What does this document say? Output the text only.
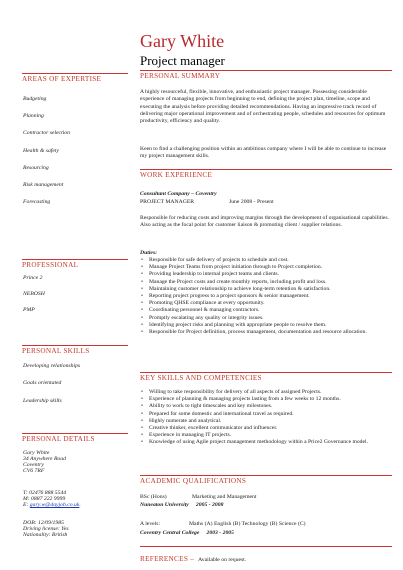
Gary White
Project manager
AREAS OF EXPERTISE
Budgeting
Planning
Contractor selection
Health & safety
Resourcing
Risk management
Forecasting
PROFESSIONAL
Prince 2
NEBOSH
PMP
PERSONAL SKILLS
Developing relationships
Goals orientated
Leadership skills
PERSONAL DETAILS
Gary White
34 Anywhere Road
Coventry
CV6 7RF
T: 02476 888 5544
M: 0887 222 9999
E: gary.w@dayjob.co.uk.
DOB: 12/09/1985
Driving license: Yes
Nationality: British
PERSONAL SUMMARY
A highly resourceful, flexible, innovative, and enthusiastic project manager. Possessing considerable experience of managing projects from beginning to end, defining the project plan, timeline, scope and executing the analysis before providing detailed recommendations. Having an impressive track record of delivering major operational improvement and of orchestrating people, schedules and resources for optimum productivity, efficiency and quality.
Keen to find a challenging position within an ambitious company where I will be able to continue to increase my project management skills.
WORK EXPERIENCE
Consultant Company – Coventry
PROJECT MANAGER	June 2008 - Present
Responsible for reducing costs and improving margins through the development of organisational capabilities. Also acting as the focal point for customer liaison & promoting client / supplier relations.
Duties:
• Responsible for safe delivery of projects to schedule and cost.
• Manage Project Teams from project initiation through to Project completion.
• Providing leadership to internal project teams and clients.
• Manage the Project costs and create monthly reports, including profit and loss.
• Maintaining customer relationship to achieve long-term retention & satisfaction.
• Reporting project progress to a project sponsors & senior management.
• Promoting QHSE compliance at every opportunity.
• Coordinating personnel & managing contractors.
• Promptly escalating any quality or integrity issues.
• Identifying project risks and planning with appropriate people to resolve them.
• Responsible for Project definition, process management, documentation and resource allocation.
KEY SKILLS AND COMPETENCIES
• Willing to take responsibility for delivery of all aspects of assigned Projects.
• Experience of planning & managing projects lasting from a few weeks to 12 months.
• Ability to work to tight timescales and key milestones.
• Prepared for some domestic and international travel as required.
• Highly numerate and analytical.
• Creative thinker, excellent communicator and influencer.
• Experience in managing IT projects.
• Knowledge of using Agile project management methodology within a Price2 Governance model.
ACADEMIC QUALIFICATIONS
BSc (Hons)	Marketing and Management
Nuneaton University     2005 - 2008
A levels:	Maths (A) English (B) Technology (B) Science (C)
Coventry Central College     2003 - 2005
REFERENCES – Available on request.
